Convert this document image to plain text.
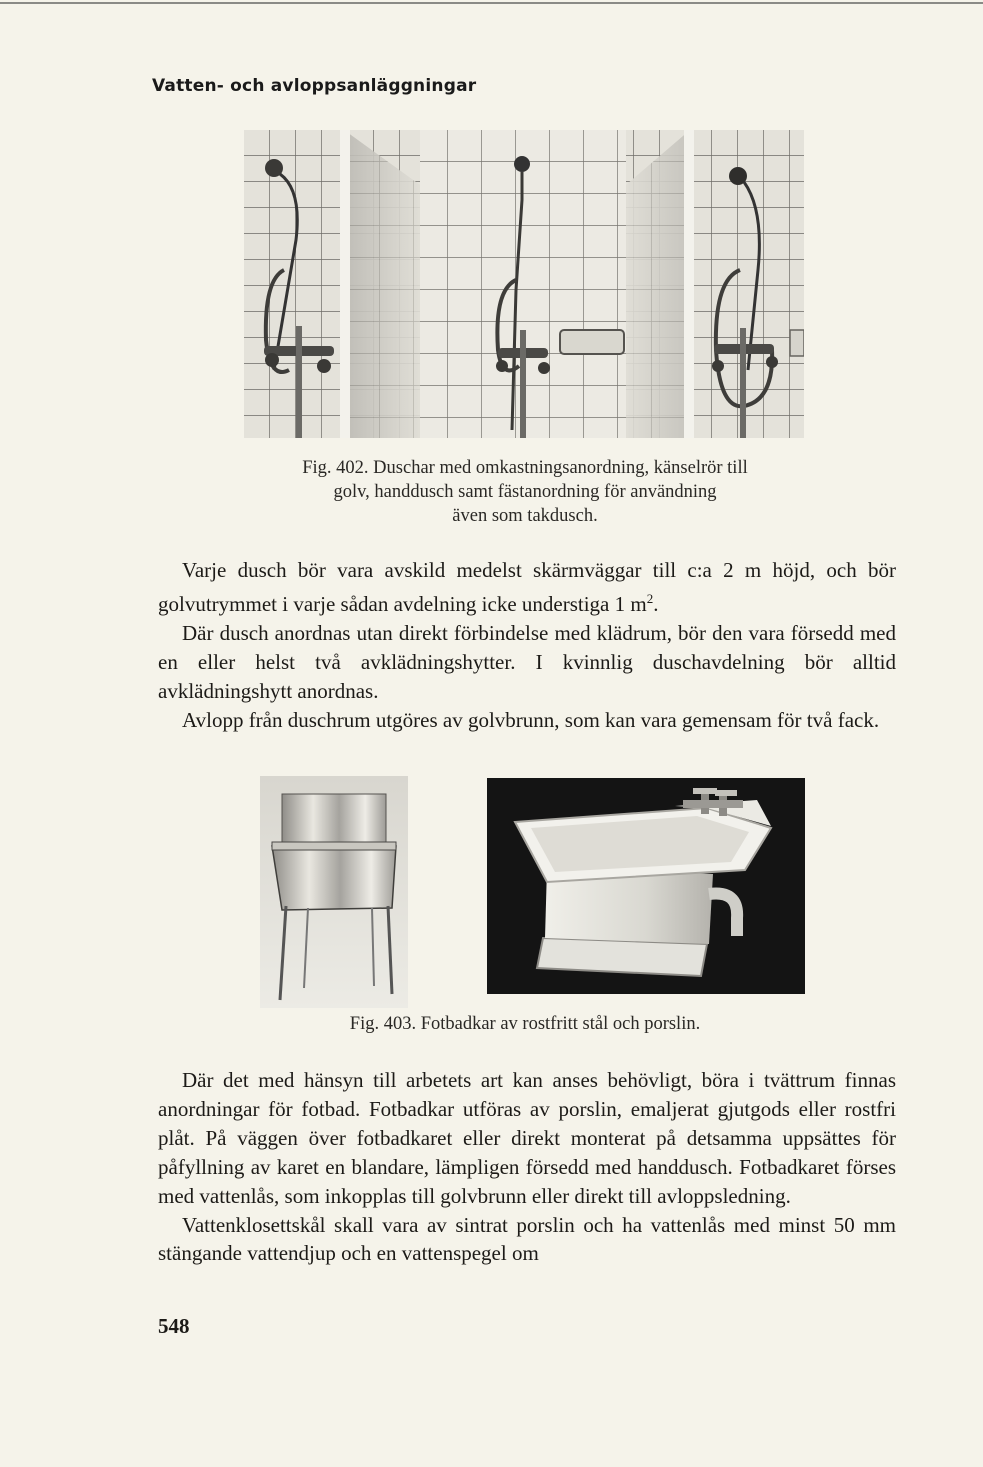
Vatten- och avloppsanläggningar
Fig. 402. Duschar med omkastningsanordning, känselrör till
golv, handdusch samt fästanordning för användning
även som takdusch.

Varje dusch bör vara avskild medelst skärmväggar till c:a 2 m höjd, och bör golvutrymmet i varje sådan avdelning icke understiga 1 $m^2$.

Där dusch anordnas utan direkt förbindelse med klädrum, bör den vara försedd med en eller helst två avklädningshytter. I kvinnlig duschavdelning bör alltid avklädningshytt anordnas.

Avlopp från duschrum utgöres av golvbrunn, som kan vara gemensam för två fack.

Fig. 403. Fotbadkar av rostfritt stål och porslin.

Där det med hänsyn till arbetets art kan anses behövligt, böra i tvättrum finnas anordningar för fotbad. Fotbadkar utföras av porslin, emaljerat gjutgods eller rostfri plåt. På väggen över fotbadkaret eller direkt monterat på detsamma uppsättes för påfyllning av karet en blandare, lämpligen försedd med handdusch. Fotbadkaret förses med vattenlås, som inkopplas till golvbrunn eller direkt till avloppsledning.

Vattenklosettskål skall vara av sintrat porslin och ha vattenlås med minst 50 mm stängande vattendjup och en vattenspegel om

548
